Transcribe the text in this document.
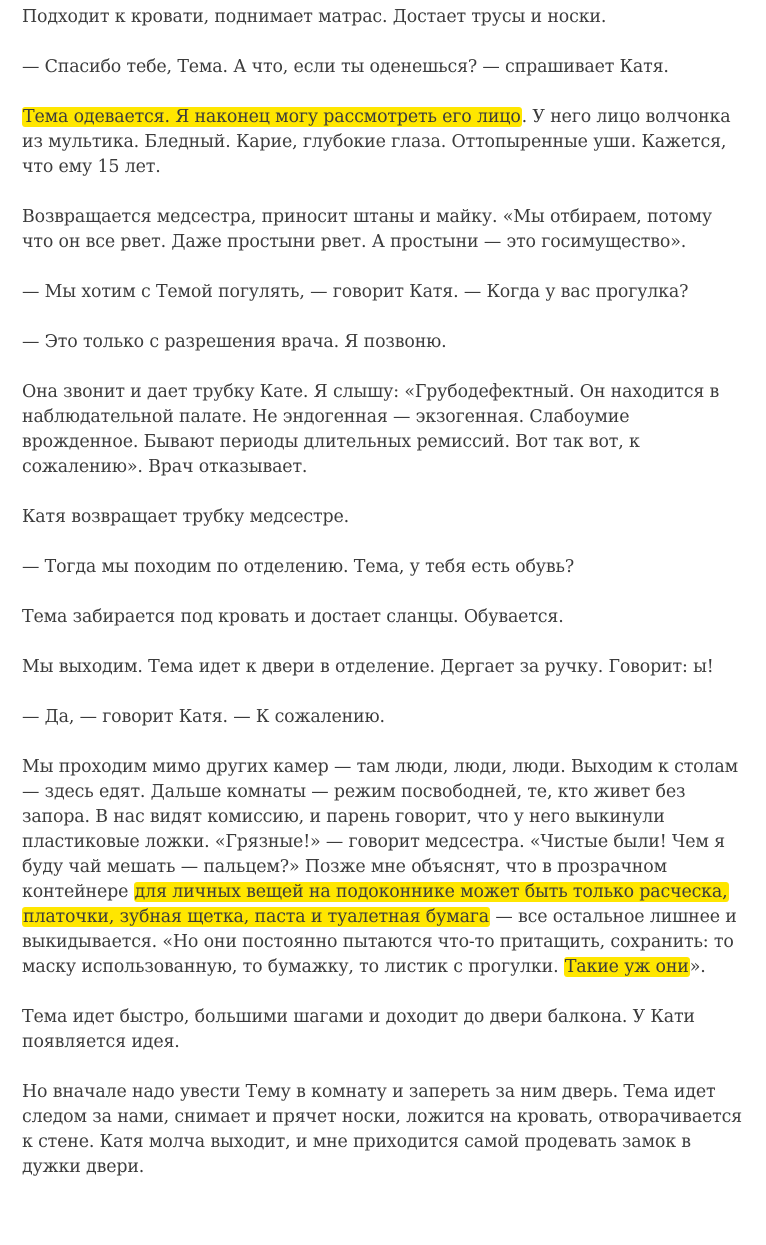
Подходит к кровати, поднимает матрас. Достает трусы и носки.

— Спасибо тебе, Тема. А что, если ты оденешься? — спрашивает Катя.

Тема одевается. Я наконец могу рассмотреть его лицо. У него лицо волчонка из мультика. Бледный. Карие, глубокие глаза. Оттопыренные уши. Кажется, что ему 15 лет.

Возвращается медсестра, приносит штаны и майку. «Мы отбираем, потому что он все рвет. Даже простыни рвет. А простыни — это госимущество».

— Мы хотим с Темой погулять, — говорит Катя. — Когда у вас прогулка?

— Это только с разрешения врача. Я позвоню.

Она звонит и дает трубку Кате. Я слышу: «Грубодефектный. Он находится в наблюдательной палате. Не эндогенная — экзогенная. Слабоумие врожденное. Бывают периоды длительных ремиссий. Вот так вот, к сожалению». Врач отказывает.

Катя возвращает трубку медсестре.

— Тогда мы походим по отделению. Тема, у тебя есть обувь?

Тема забирается под кровать и достает сланцы. Обувается.

Мы выходим. Тема идет к двери в отделение. Дергает за ручку. Говорит: ы!

— Да, — говорит Катя. — К сожалению.

Мы проходим мимо других камер — там люди, люди, люди. Выходим к столам — здесь едят. Дальше комнаты — режим посвободней, те, кто живет без запора. В нас видят комиссию, и парень говорит, что у него выкинули пластиковые ложки. «Грязные!» — говорит медсестра. «Чистые были! Чем я буду чай мешать — пальцем?» Позже мне объяснят, что в прозрачном контейнере для личных вещей на подоконнике может быть только расческа, платочки, зубная щетка, паста и туалетная бумага — все остальное лишнее и выкидывается. «Но они постоянно пытаются что-то притащить, сохранить: то маску использованную, то бумажку, то листик с прогулки. Такие уж они».

Тема идет быстро, большими шагами и доходит до двери балкона. У Кати появляется идея.

Но вначале надо увести Тему в комнату и запереть за ним дверь. Тема идет следом за нами, снимает и прячет носки, ложится на кровать, отворачивается к стене. Катя молча выходит, и мне приходится самой продевать замок в дужки двери.
